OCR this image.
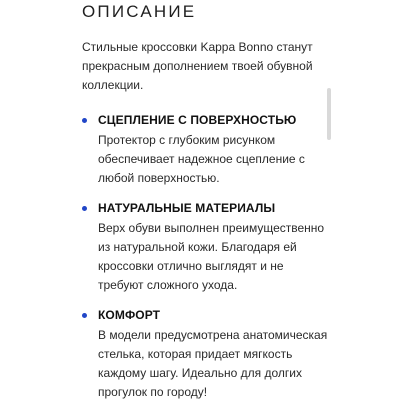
ОПИСАНИЕ
Стильные кроссовки Kappa Bonno станут прекрасным дополнением твоей обувной коллекции.
СЦЕПЛЕНИЕ С ПОВЕРХНОСТЬЮ
Протектор с глубоким рисунком обеспечивает надежное сцепление с любой поверхностью.
НАТУРАЛЬНЫЕ МАТЕРИАЛЫ
Верх обуви выполнен преимущественно из натуральной кожи. Благодаря ей кроссовки отлично выглядят и не требуют сложного ухода.
КОМФОРТ
В модели предусмотрена анатомическая стелька, которая придает мягкость каждому шагу. Идеально для долгих прогулок по городу!
